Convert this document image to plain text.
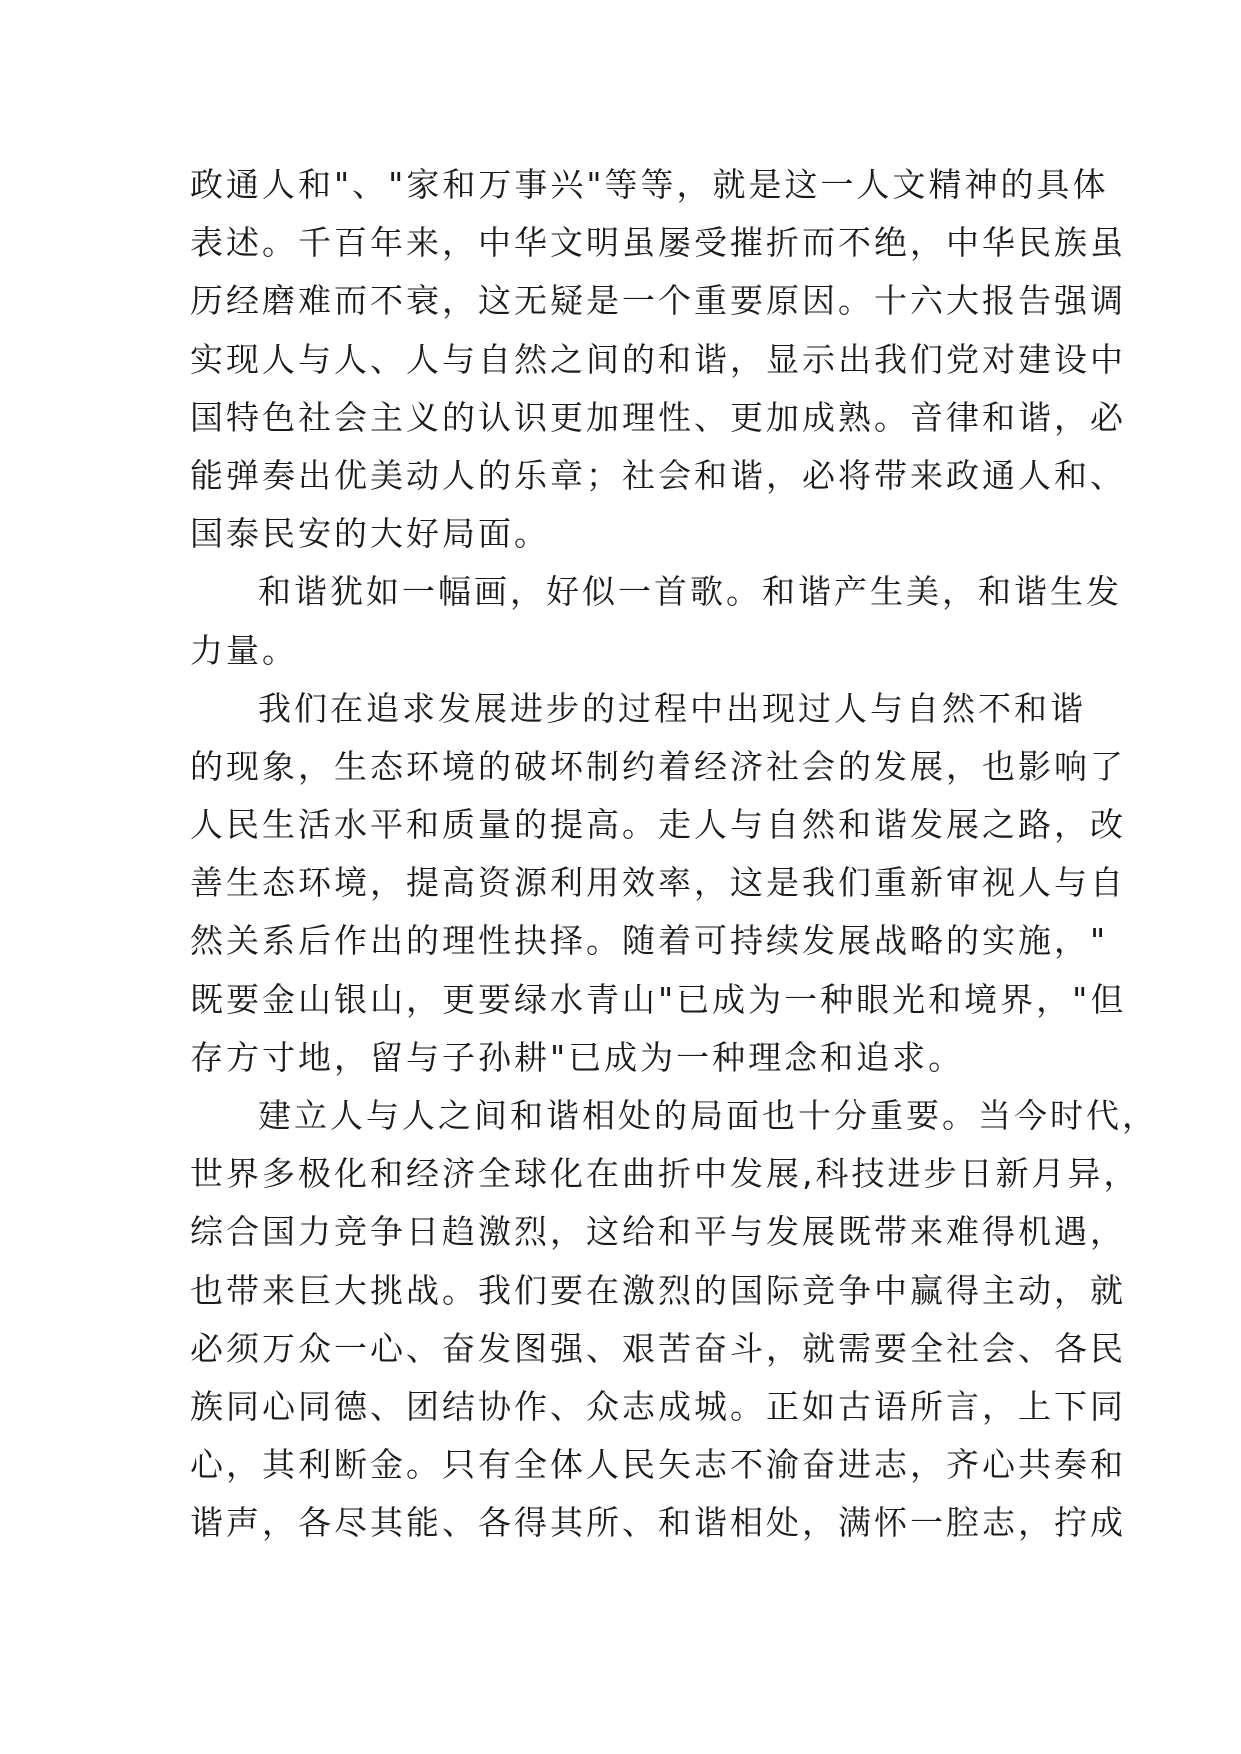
政通人和"、"家和万事兴"等等，就是这一人文精神的具体
表述。千百年来，中华文明虽屡受摧折而不绝，中华民族虽
历经磨难而不衰，这无疑是一个重要原因。十六大报告强调
实现人与人、人与自然之间的和谐，显示出我们党对建设中
国特色社会主义的认识更加理性、更加成熟。音律和谐，必
能弹奏出优美动人的乐章；社会和谐，必将带来政通人和、
国泰民安的大好局面。
和谐犹如一幅画，好似一首歌。和谐产生美，和谐生发
力量。
我们在追求发展进步的过程中出现过人与自然不和谐
的现象，生态环境的破坏制约着经济社会的发展，也影响了
人民生活水平和质量的提高。走人与自然和谐发展之路，改
善生态环境，提高资源利用效率，这是我们重新审视人与自
然关系后作出的理性抉择。随着可持续发展战略的实施，"
既要金山银山，更要绿水青山"已成为一种眼光和境界，"但
存方寸地，留与子孙耕"已成为一种理念和追求。
建立人与人之间和谐相处的局面也十分重要。当今时代，
世界多极化和经济全球化在曲折中发展,科技进步日新月异，
综合国力竞争日趋激烈，这给和平与发展既带来难得机遇，
也带来巨大挑战。我们要在激烈的国际竞争中赢得主动，就
必须万众一心、奋发图强、艰苦奋斗，就需要全社会、各民
族同心同德、团结协作、众志成城。正如古语所言，上下同
心，其利断金。只有全体人民矢志不渝奋进志，齐心共奏和
谐声，各尽其能、各得其所、和谐相处，满怀一腔志，拧成
